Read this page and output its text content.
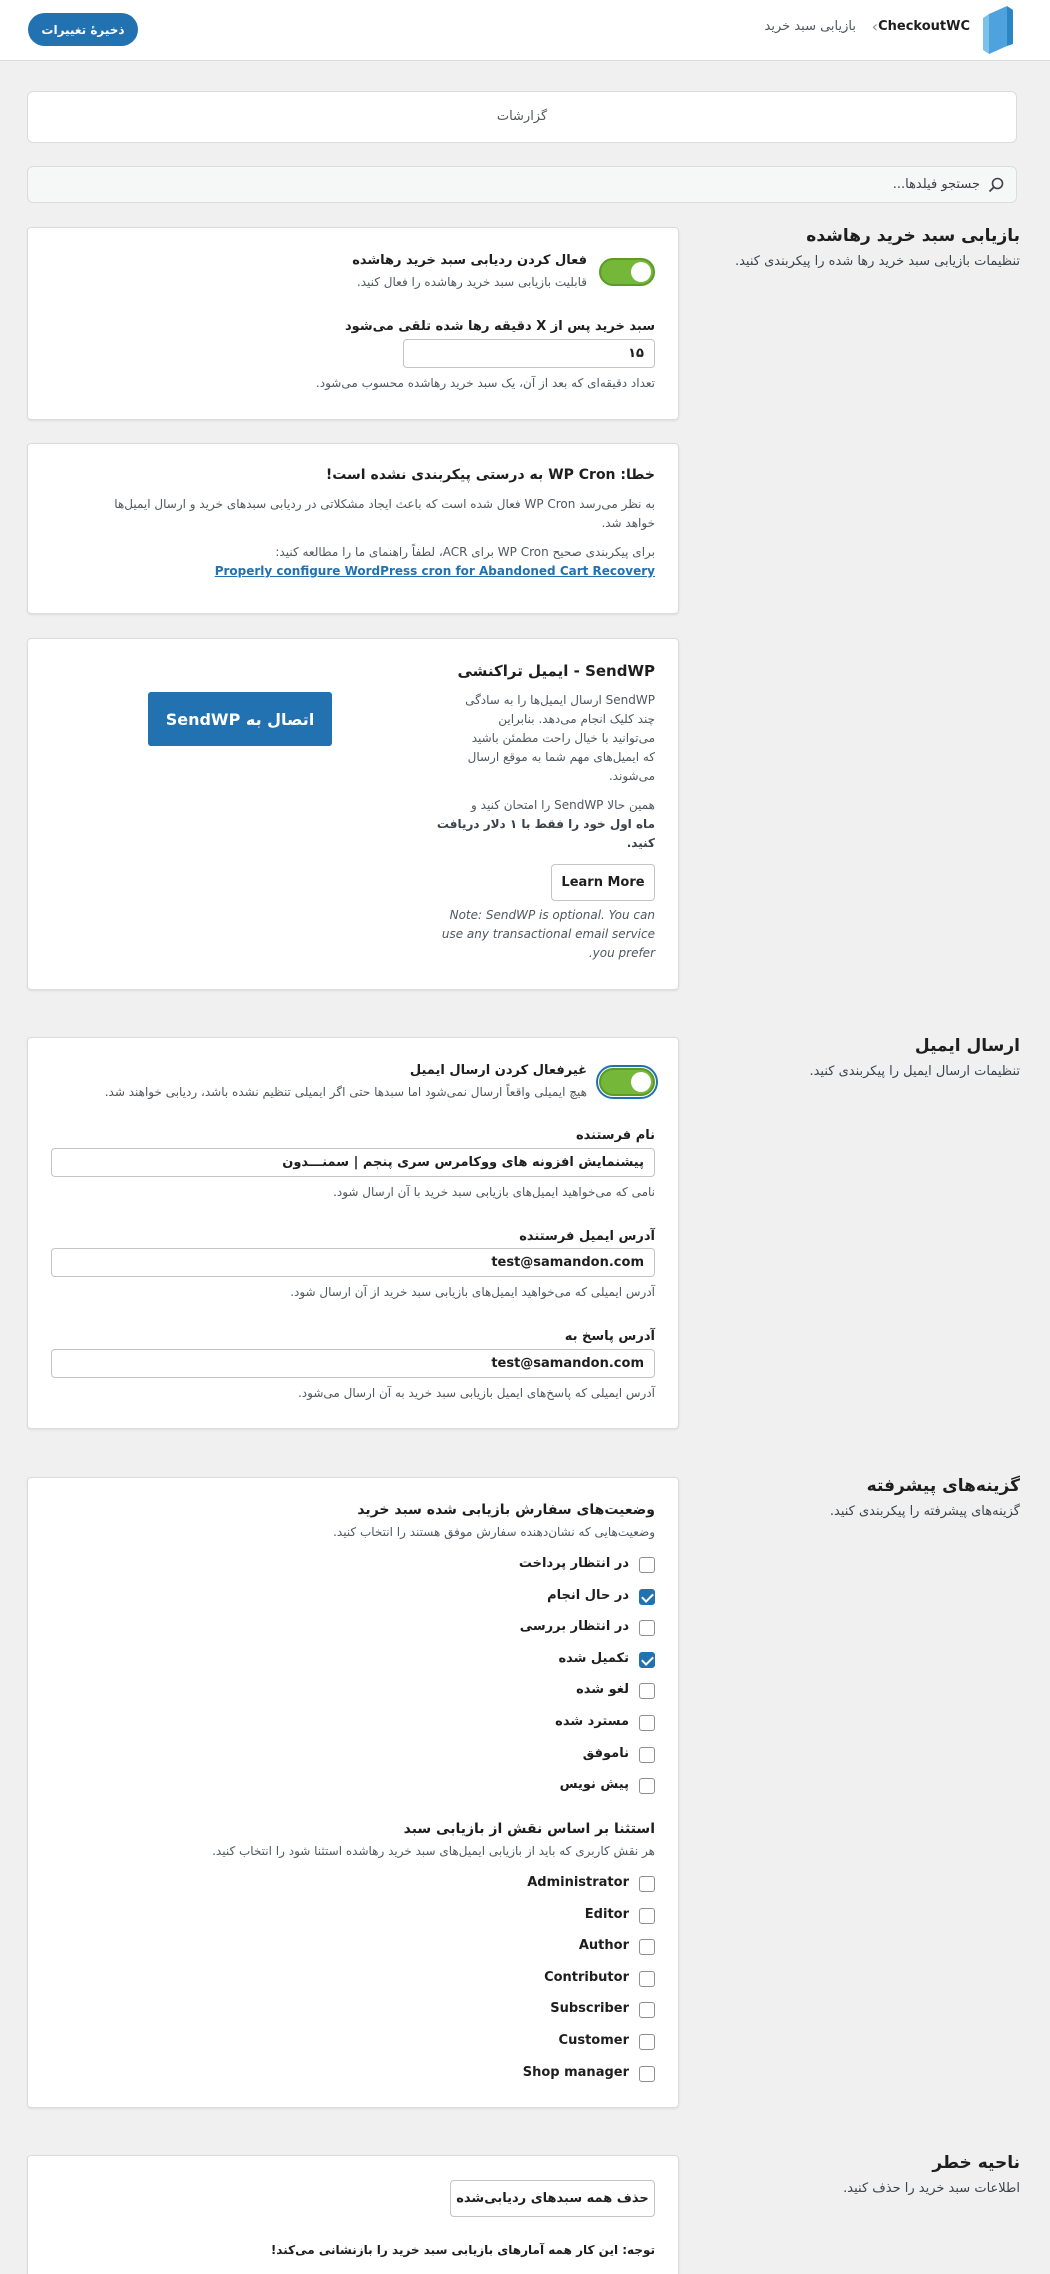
CheckoutWC
›
بازیابی سبد خرید
ذخیرهٔ تغییرات
گزارشات
جستجو فیلدها...
بازیابی سبد خرید رهاشده
تنظیمات بازیابی سبد خرید رها شده را پیکربندی کنید.
فعال کردن ردیابی سبد خرید رهاشده
قابلیت بازیابی سبد خرید رهاشده را فعال کنید.
سبد خرید پس از X دقیقه رها شده تلقی می‌شود
۱۵
تعداد دقیقه‌ای که بعد از آن، یک سبد خرید رهاشده محسوب می‌شود.
خطا: WP Cron به درستی پیکربندی نشده است!
به نظر می‌رسد WP Cron فعال شده است که باعث ایجاد مشکلاتی در ردیابی سبدهای خرید و ارسال ایمیل‌ها
خواهد شد.
برای پیکربندی صحیح WP Cron برای ACR، لطفاً راهنمای ما را مطالعه کنید:
Properly configure WordPress cron for Abandoned Cart Recovery
SendWP - ایمیل تراکنشی
SendWP ارسال ایمیل‌ها را به سادگی
چند کلیک انجام می‌دهد. بنابراین
می‌توانید با خیال راحت مطمئن باشید
که ایمیل‌های مهم شما به موقع ارسال
می‌شوند.
همین حالا SendWP را امتحان کنید و
ماه اول خود را فقط با ۱ دلار دریافت
کنید.
Learn More
Note: SendWP is optional. You can
use any transactional email service
.you prefer
اتصال به SendWP
ارسال ایمیل
تنظیمات ارسال ایمیل را پیکربندی کنید.
غیرفعال کردن ارسال ایمیل
هیچ ایمیلی واقعاً ارسال نمی‌شود اما سبدها حتی اگر ایمیلی تنظیم نشده باشد، ردیابی خواهند شد.
نام فرستنده
پیشنمایش افزونه های ووکامرس سری پنجم | سمنـــدون
نامی که می‌خواهید ایمیل‌های بازیابی سبد خرید با آن ارسال شود.
آدرس ایمیل فرستنده
test@samandon.com
آدرس ایمیلی که می‌خواهید ایمیل‌های بازیابی سبد خرید از آن ارسال شود.
آدرس پاسخ به
test@samandon.com
آدرس ایمیلی که پاسخ‌های ایمیل بازیابی سبد خرید به آن ارسال می‌شود.
گزینه‌های پیشرفته
گزینه‌های پیشرفته را پیکربندی کنید.
وضعیت‌های سفارش بازیابی شده سبد خرید
وضعیت‌هایی که نشان‌دهنده سفارش موفق هستند را انتخاب کنید.
در انتظار پرداخت
در حال انجام
در انتظار بررسی
تکمیل شده
لغو شده
مسترد شده
ناموفق
پیش نویس
استثنا بر اساس نقش از بازیابی سبد
هر نقش کاربری که باید از بازیابی ایمیل‌های سبد خرید رهاشده استثنا شود را انتخاب کنید.
Administrator
Editor
Author
Contributor
Subscriber
Customer
Shop manager
ناحیه خطر
اطلاعات سبد خرید را حذف کنید.
حذف همه سبدهای ردیابی‌شده
توجه: این کار همه آمارهای بازیابی سبد خرید را بازنشانی می‌کند!
